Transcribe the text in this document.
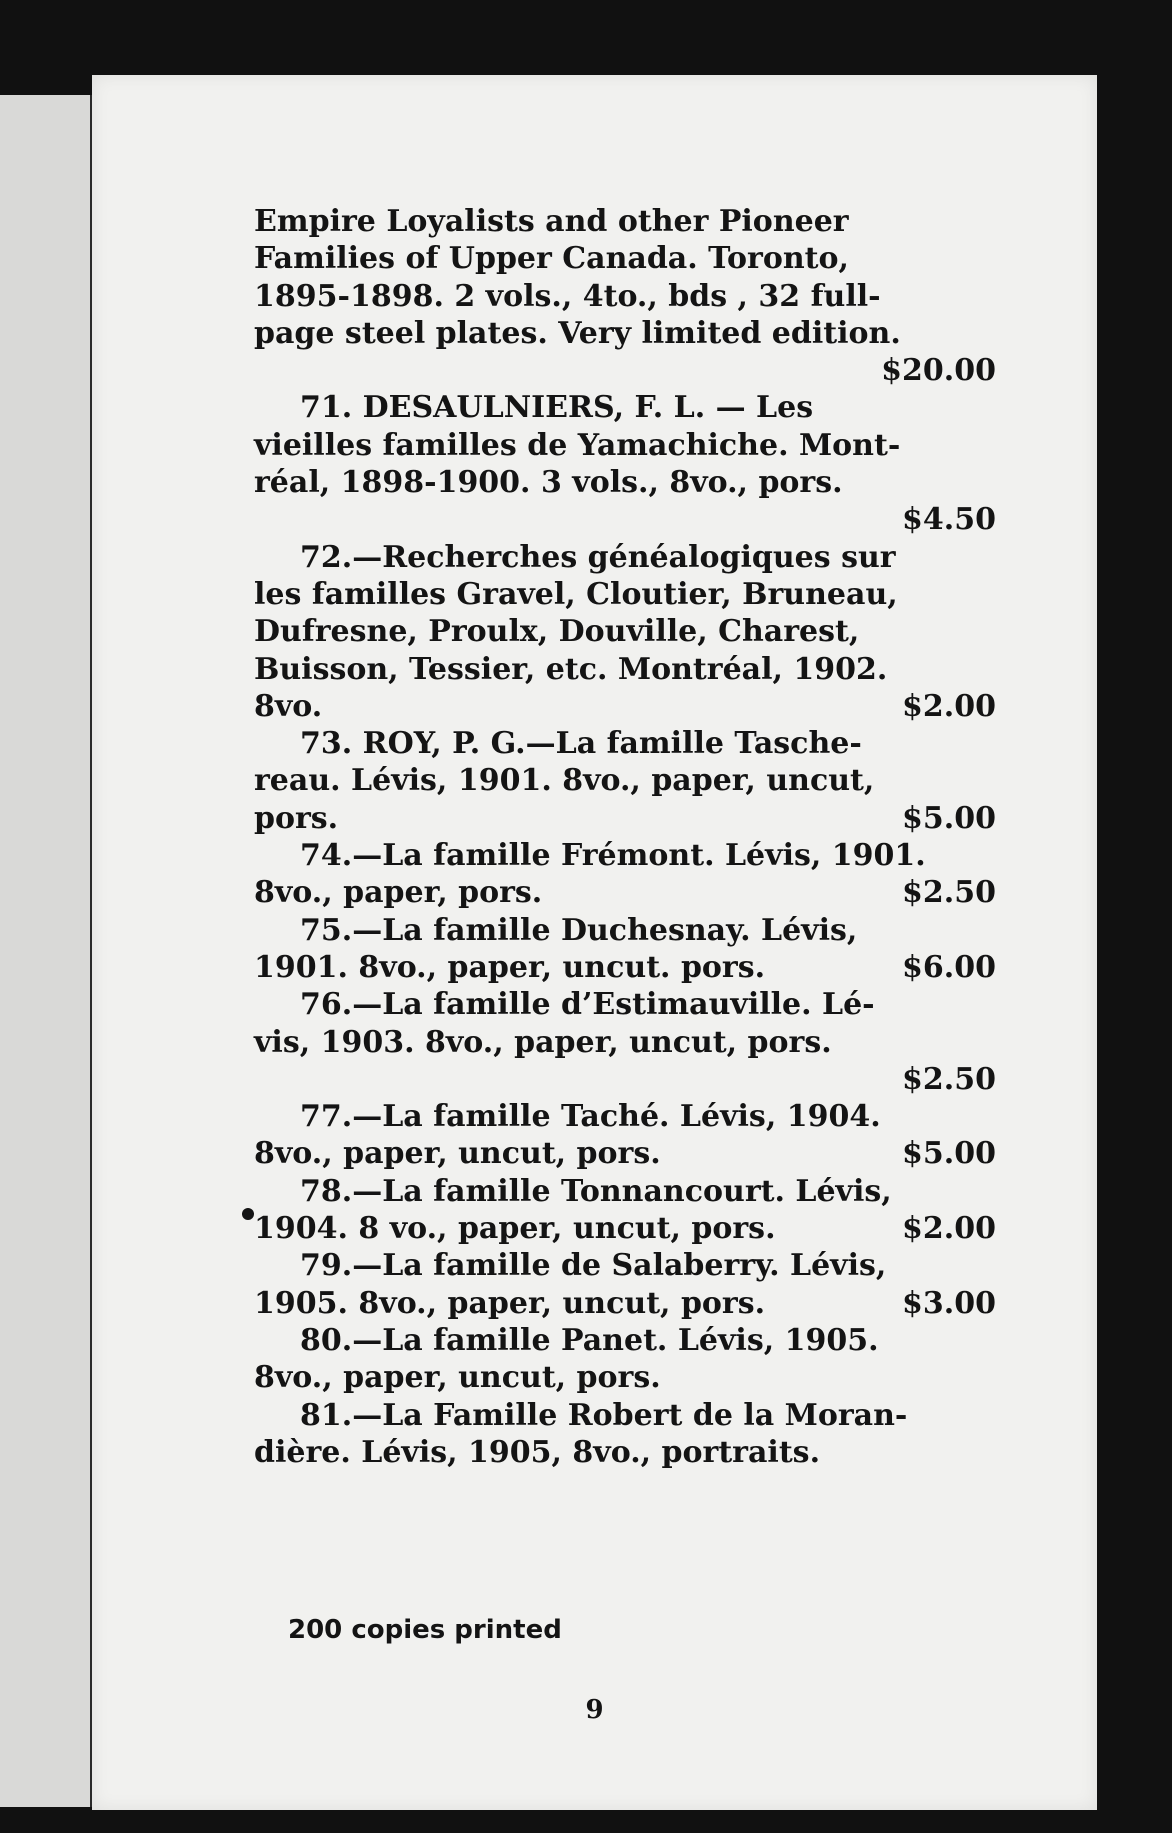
Empire Loyalists and other Pioneer
Families of Upper Canada. Toronto,
1895-1898. 2 vols., 4to., bds , 32 full-
page steel plates. Very limited edition.
$20.00
71. DESAULNIERS, F. L. — Les
vieilles familles de Yamachiche. Mont-
réal, 1898-1900. 3 vols., 8vo., pors.
$4.50
72.—Recherches généalogiques sur
les familles Gravel, Cloutier, Bruneau,
Dufresne, Proulx, Douville, Charest,
Buisson, Tessier, etc. Montréal, 1902.
8vo.	$2.00
73. ROY, P. G.—La famille Tasche-
reau. Lévis, 1901. 8vo., paper, uncut,
pors.	$5.00
74.—La famille Frémont. Lévis, 1901.
8vo., paper, pors.	$2.50
75.—La famille Duchesnay. Lévis,
1901. 8vo., paper, uncut. pors.	$6.00
76.—La famille d’Estimauville. Lé-
vis, 1903. 8vo., paper, uncut, pors.
$2.50
77.—La famille Taché. Lévis, 1904.
8vo., paper, uncut, pors.	$5.00
78.—La famille Tonnancourt. Lévis,
1904. 8 vo., paper, uncut, pors.	$2.00
79.—La famille de Salaberry. Lévis,
1905. 8vo., paper, uncut, pors.	$3.00
80.—La famille Panet. Lévis, 1905.
8vo., paper, uncut, pors.
81.—La Famille Robert de la Moran-
dière. Lévis, 1905, 8vo., portraits.
200 copies printed
9
